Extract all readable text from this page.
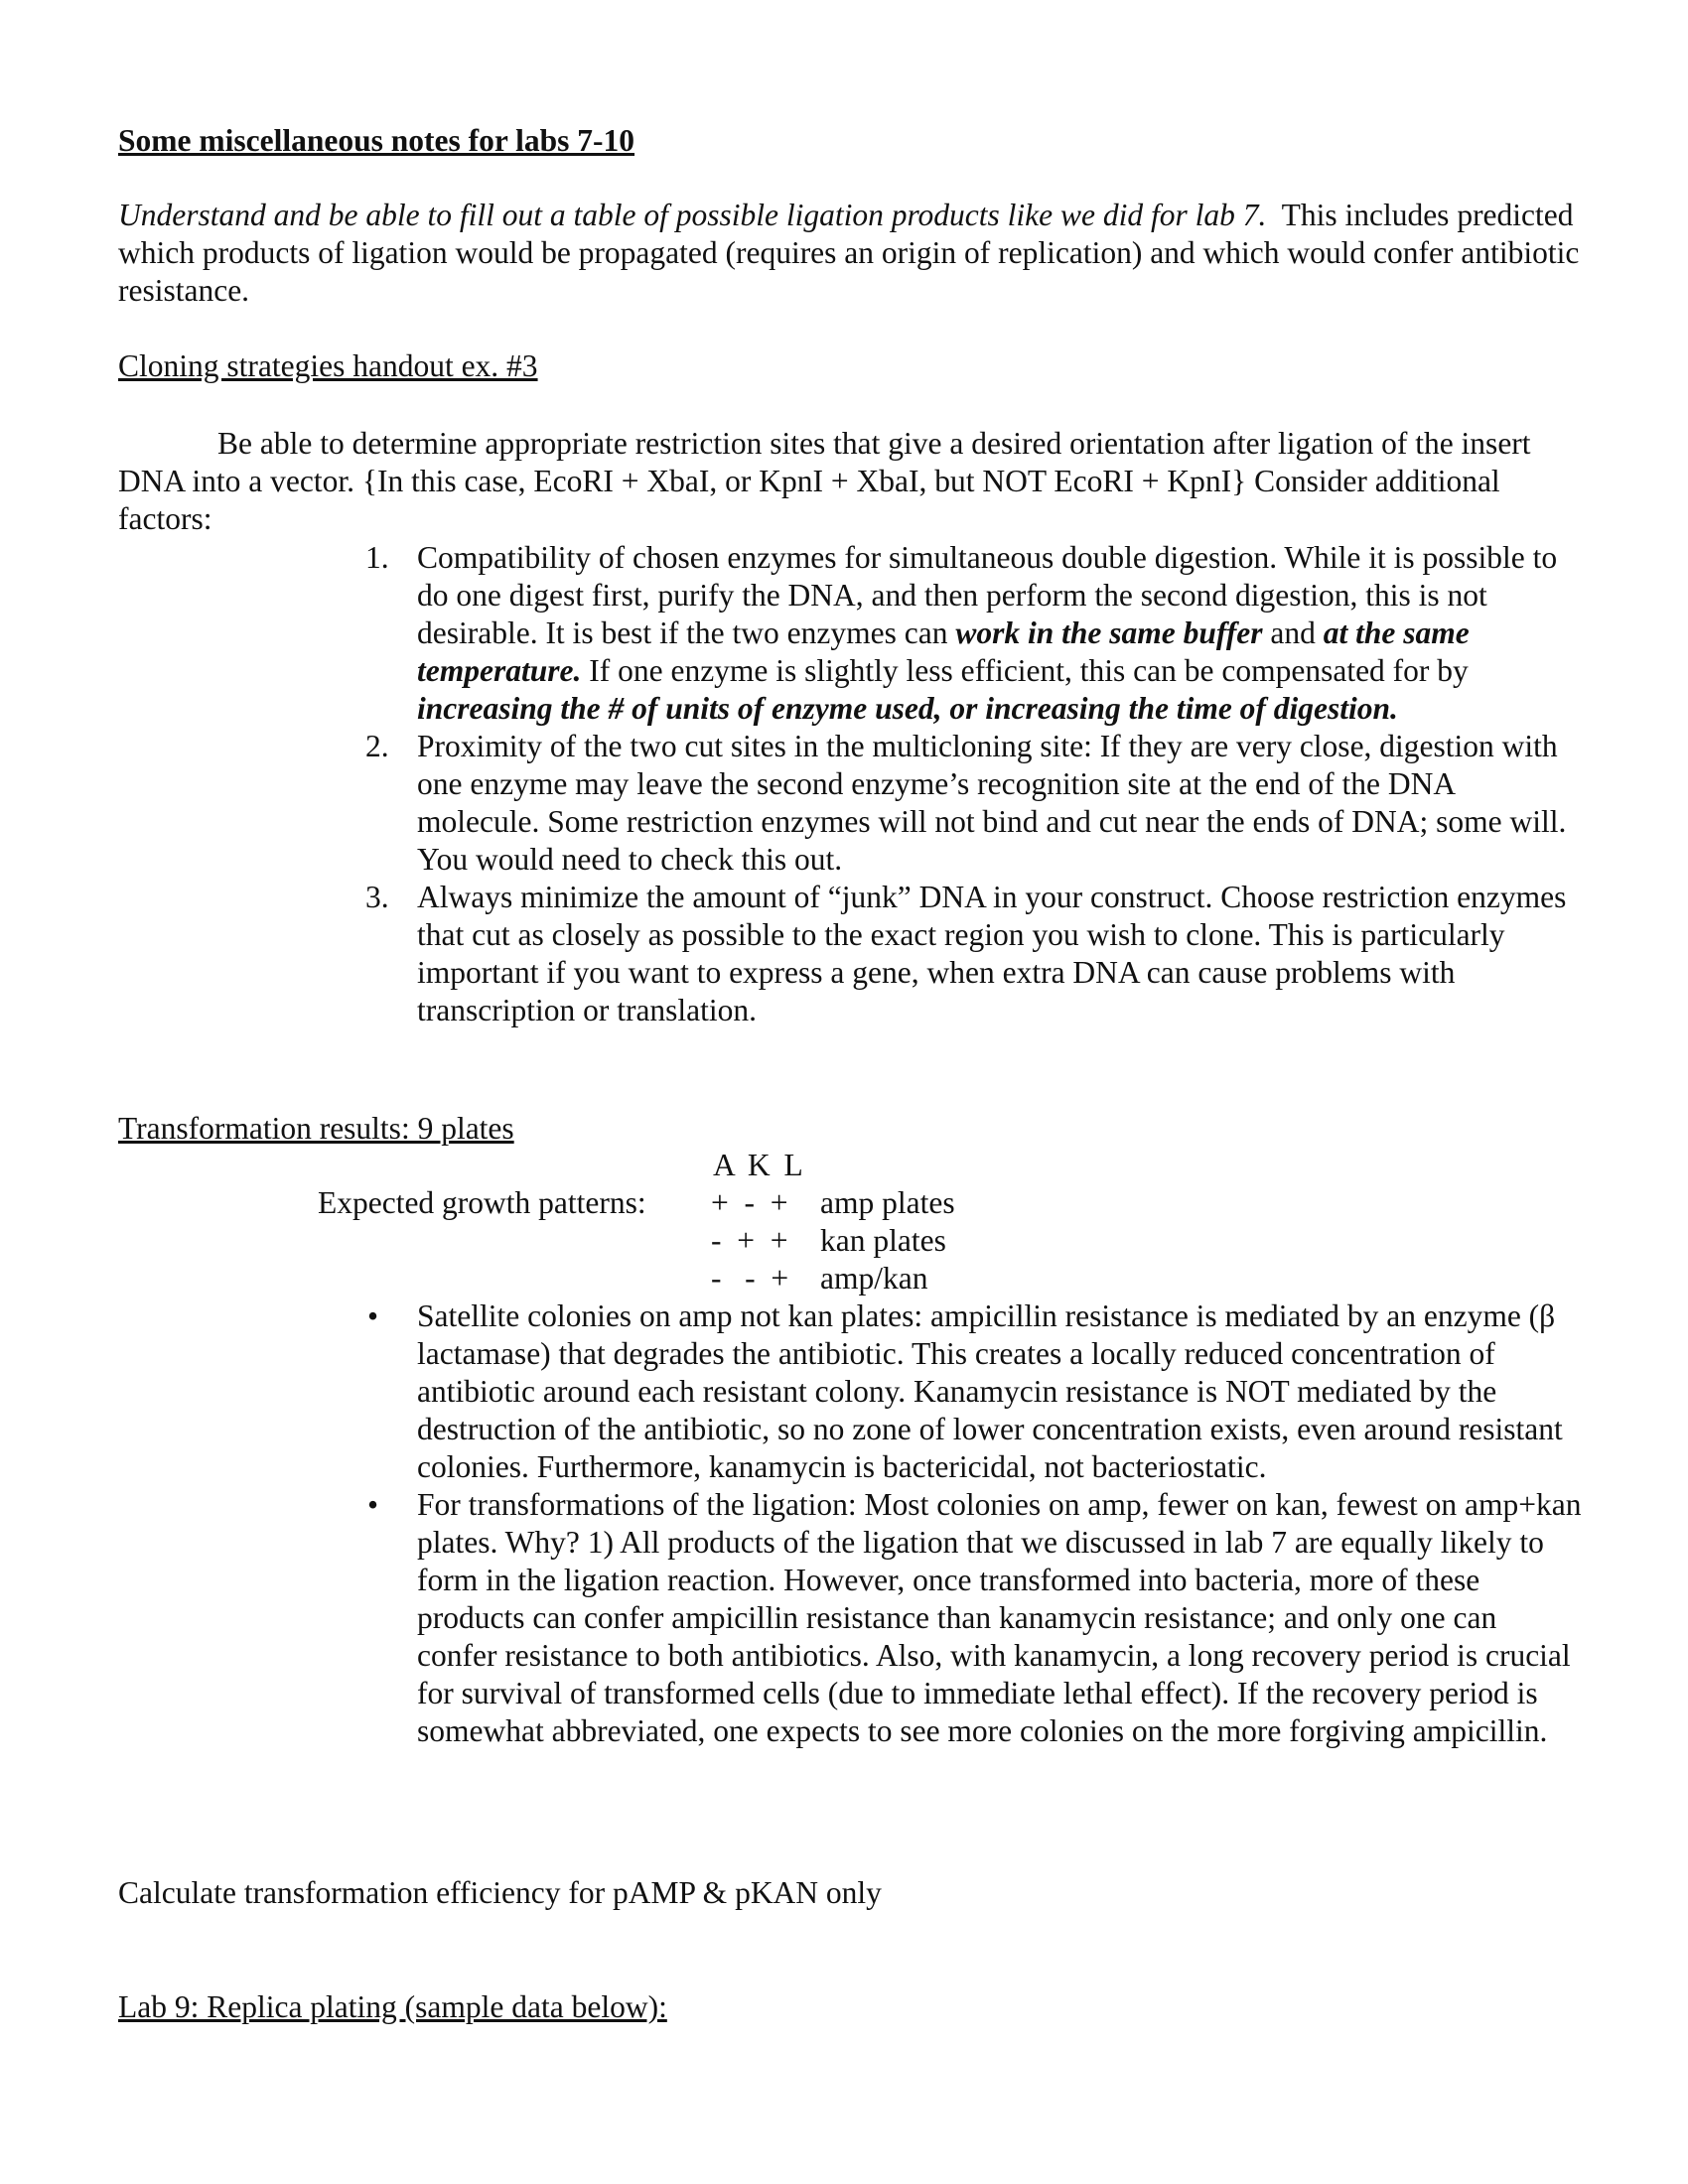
Some miscellaneous notes for labs 7-10

Understand and be able to fill out a table of possible ligation products like we did for lab 7. This includes predicted which products of ligation would be propagated (requires an origin of replication) and which would confer antibiotic resistance.

Cloning strategies handout ex. #3

Be able to determine appropriate restriction sites that give a desired orientation after ligation of the insert DNA into a vector. {In this case, EcoRI + XbaI, or KpnI + XbaI, but NOT EcoRI + KpnI} Consider additional factors:

1. Compatibility of chosen enzymes for simultaneous double digestion. While it is possible to do one digest first, purify the DNA, and then perform the second digestion, this is not desirable. It is best if the two enzymes can work in the same buffer and at the same temperature. If one enzyme is slightly less efficient, this can be compensated for by increasing the # of units of enzyme used, or increasing the time of digestion.
2. Proximity of the two cut sites in the multicloning site: If they are very close, digestion with one enzyme may leave the second enzyme’s recognition site at the end of the DNA molecule. Some restriction enzymes will not bind and cut near the ends of DNA; some will. You would need to check this out.
3. Always minimize the amount of “junk” DNA in your construct. Choose restriction enzymes that cut as closely as possible to the exact region you wish to clone. This is particularly important if you want to express a gene, when extra DNA can cause problems with transcription or translation.
Transformation results: 9 plates
A K L
Expected growth patterns: +  -  + amp plates
-  +  + kan plates
-   -  + amp/kan
• Satellite colonies on amp not kan plates: ampicillin resistance is mediated by an enzyme (β lactamase) that degrades the antibiotic. This creates a locally reduced concentration of antibiotic around each resistant colony. Kanamycin resistance is NOT mediated by the destruction of the antibiotic, so no zone of lower concentration exists, even around resistant colonies. Furthermore, kanamycin is bactericidal, not bacteriostatic.
• For transformations of the ligation: Most colonies on amp, fewer on kan, fewest on amp+kan plates. Why? 1) All products of the ligation that we discussed in lab 7 are equally likely to form in the ligation reaction. However, once transformed into bacteria, more of these products can confer ampicillin resistance than kanamycin resistance; and only one can confer resistance to both antibiotics. Also, with kanamycin, a long recovery period is crucial for survival of transformed cells (due to immediate lethal effect). If the recovery period is somewhat abbreviated, one expects to see more colonies on the more forgiving ampicillin.
Calculate transformation efficiency for pAMP & pKAN only
Lab 9: Replica plating (sample data below):
